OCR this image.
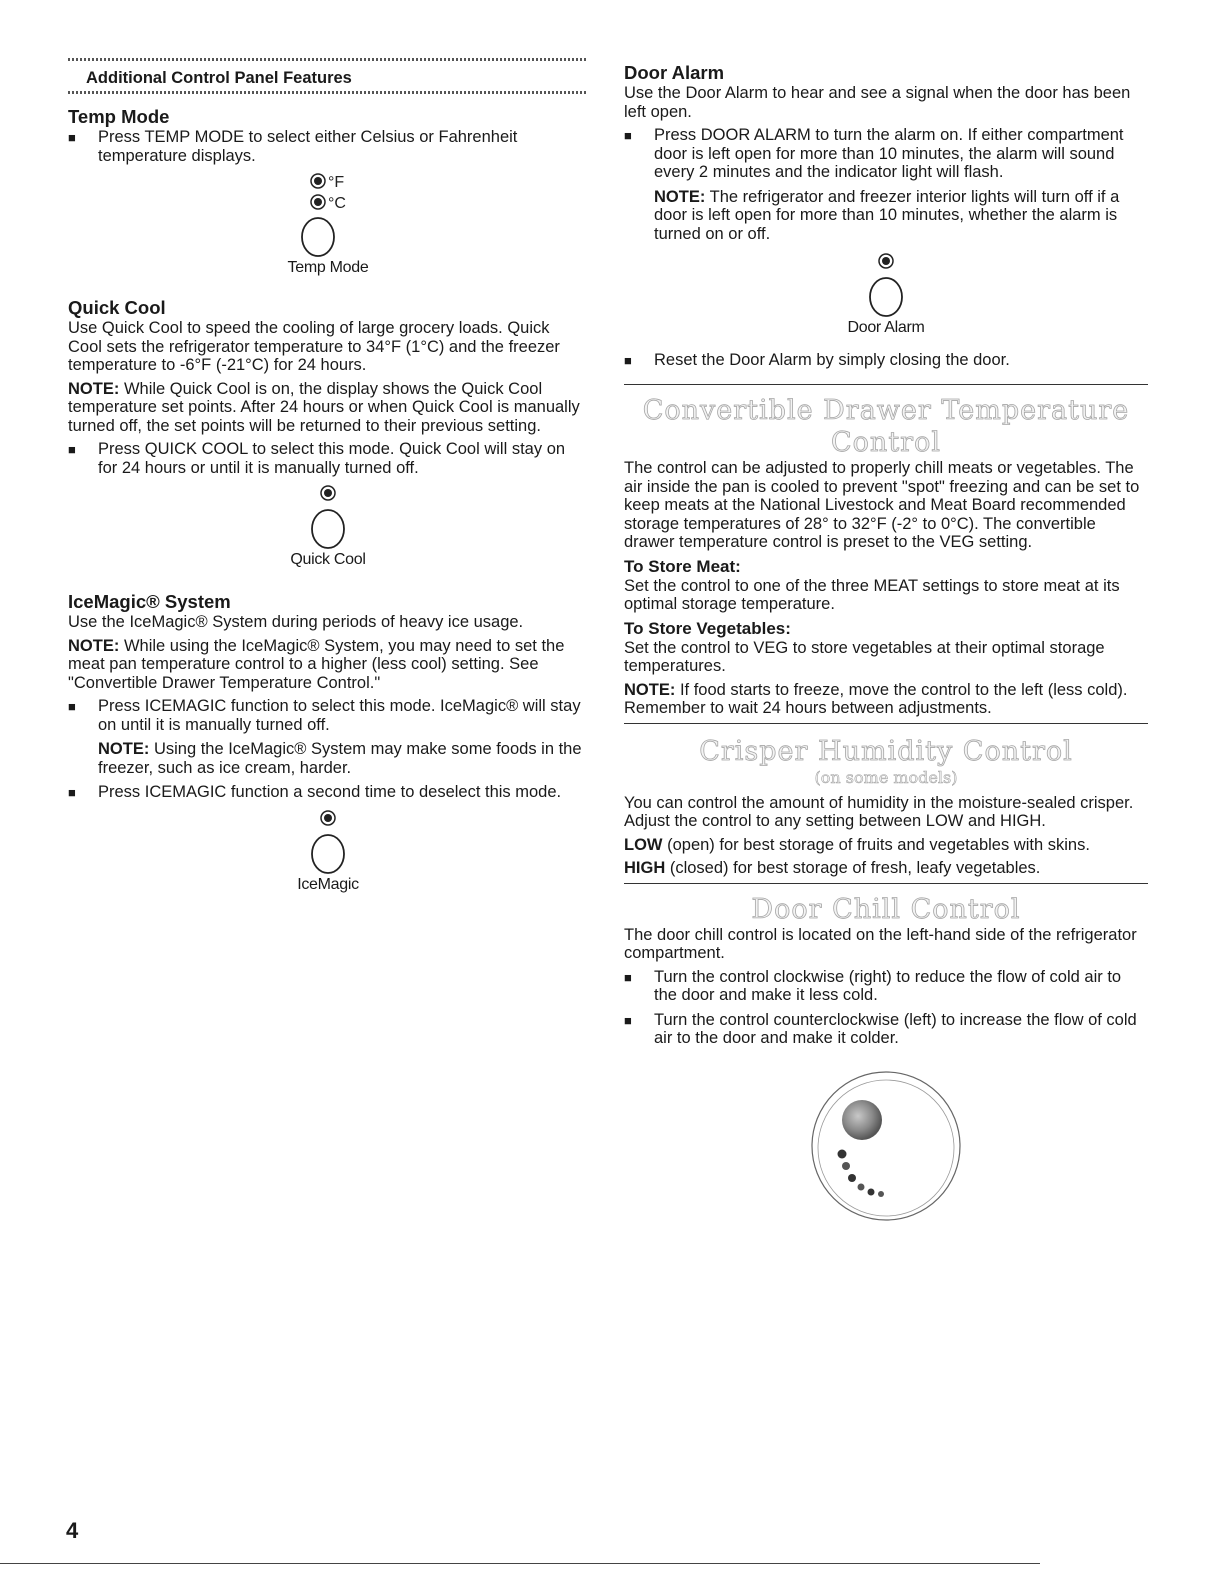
Additional Control Panel Features
Temp Mode
■	Press TEMP MODE to select either Celsius or Fahrenheit temperature displays.

°F
°C
Temp Mode
Quick Cool

Use Quick Cool to speed the cooling of large grocery loads. Quick Cool sets the refrigerator temperature to 34°F (1°C) and the freezer temperature to -6°F (-21°C) for 24 hours.

NOTE: While Quick Cool is on, the display shows the Quick Cool temperature set points. After 24 hours or when Quick Cool is manually turned off, the set points will be returned to their previous setting.

■	Press QUICK COOL to select this mode. Quick Cool will stay on for 24 hours or until it is manually turned off.

Quick Cool
IceMagic® System

Use the IceMagic® System during periods of heavy ice usage.

NOTE: While using the IceMagic® System, you may need to set the meat pan temperature control to a higher (less cool) setting. See "Convertible Drawer Temperature Control."

■	Press ICEMAGIC function to select this mode. IceMagic® will stay on until it is manually turned off.

NOTE: Using the IceMagic® System may make some foods in the freezer, such as ice cream, harder.

■	Press ICEMAGIC function a second time to deselect this mode.

IceMagic
Door Alarm

Use the Door Alarm to hear and see a signal when the door has been left open.

■	Press DOOR ALARM to turn the alarm on. If either compartment door is left open for more than 10 minutes, the alarm will sound every 2 minutes and the indicator light will flash.

NOTE: The refrigerator and freezer interior lights will turn off if a door is left open for more than 10 minutes, whether the alarm is turned on or off.

Door Alarm
■	Reset the Door Alarm by simply closing the door.

Convertible Drawer Temperature Control

The control can be adjusted to properly chill meats or vegetables. The air inside the pan is cooled to prevent "spot" freezing and can be set to keep meats at the National Livestock and Meat Board recommended storage temperatures of 28° to 32°F (-2° to 0°C). The convertible drawer temperature control is preset to the VEG setting.

To Store Meat:

Set the control to one of the three MEAT settings to store meat at its optimal storage temperature.

To Store Vegetables:

Set the control to VEG to store vegetables at their optimal storage temperatures.

NOTE: If food starts to freeze, move the control to the left (less cold). Remember to wait 24 hours between adjustments.

Crisper Humidity Control
(on some models)

You can control the amount of humidity in the moisture-sealed crisper. Adjust the control to any setting between LOW and HIGH.

LOW (open) for best storage of fruits and vegetables with skins.

HIGH (closed) for best storage of fresh, leafy vegetables.

Door Chill Control

The door chill control is located on the left-hand side of the refrigerator compartment.

■	Turn the control clockwise (right) to reduce the flow of cold air to the door and make it less cold.

■	Turn the control counterclockwise (left) to increase the flow of cold air to the door and make it colder.

4
